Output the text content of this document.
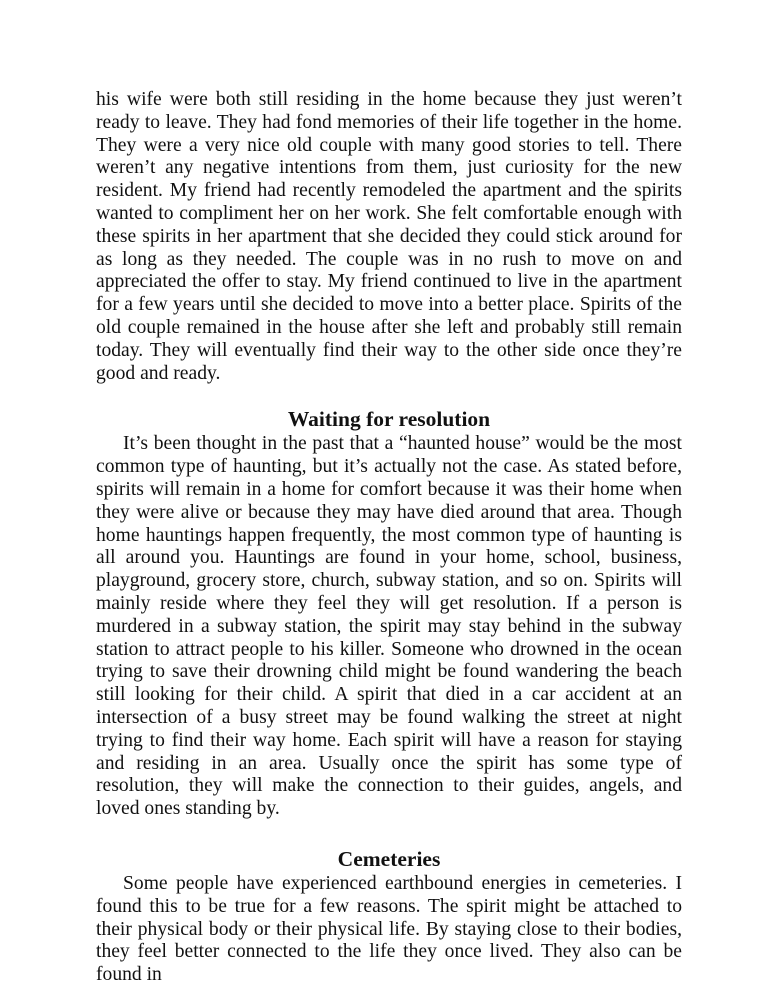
his wife were both still residing in the home because they just weren’t ready to leave. They had fond memories of their life together in the home. They were a very nice old couple with many good stories to tell. There weren’t any negative intentions from them, just curiosity for the new resident. My friend had recently remodeled the apartment and the spirits wanted to compliment her on her work. She felt comfortable enough with these spirits in her apartment that she decided they could stick around for as long as they needed. The couple was in no rush to move on and appreciated the offer to stay. My friend continued to live in the apartment for a few years until she decided to move into a better place. Spirits of the old couple remained in the house after she left and probably still remain today. They will eventually find their way to the other side once they’re good and ready.

Waiting for resolution

It’s been thought in the past that a “haunted house” would be the most common type of haunting, but it’s actually not the case. As stated before, spirits will remain in a home for comfort because it was their home when they were alive or because they may have died around that area. Though home hauntings happen frequently, the most common type of haunting is all around you. Hauntings are found in your home, school, business, playground, grocery store, church, subway station, and so on. Spirits will mainly reside where they feel they will get resolution. If a person is murdered in a subway station, the spirit may stay behind in the subway station to attract people to his killer. Someone who drowned in the ocean trying to save their drowning child might be found wandering the beach still looking for their child. A spirit that died in a car accident at an intersection of a busy street may be found walking the street at night trying to find their way home. Each spirit will have a reason for staying and residing in an area. Usually once the spirit has some type of resolution, they will make the connection to their guides, angels, and loved ones standing by.

Cemeteries

Some people have experienced earthbound energies in cemeteries. I found this to be true for a few reasons. The spirit might be attached to their physical body or their physical life. By staying close to their bodies, they feel better connected to the life they once lived. They also can be found in
